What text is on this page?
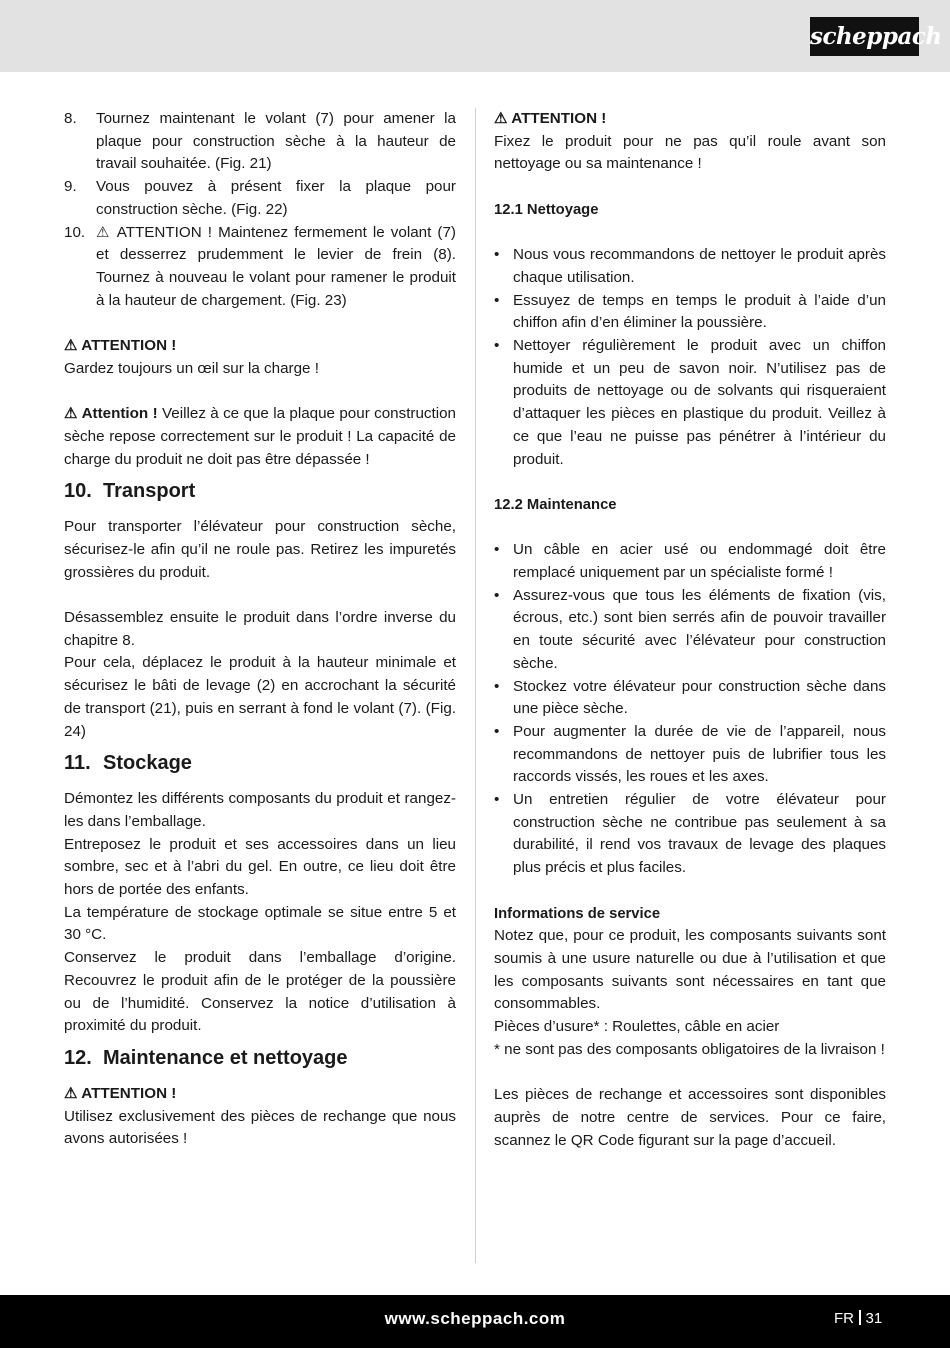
scheppach
8. Tournez maintenant le volant (7) pour amener la plaque pour construction sèche à la hauteur de travail souhaitée. (Fig. 21)
9. Vous pouvez à présent fixer la plaque pour construction sèche. (Fig. 22)
10. ⚠ ATTENTION ! Maintenez fermement le volant (7) et desserrez prudemment le levier de frein (8). Tournez à nouveau le volant pour ramener le produit à la hauteur de chargement. (Fig. 23)

⚠ ATTENTION !

Gardez toujours un œil sur la charge !

⚠ Attention ! Veillez à ce que la plaque pour construction sèche repose correctement sur le produit ! La capacité de charge du produit ne doit pas être dépassée !

10. Transport

Pour transporter l’élévateur pour construction sèche, sécurisez-le afin qu’il ne roule pas. Retirez les impuretés grossières du produit.

Désassemblez ensuite le produit dans l’ordre inverse du chapitre 8.

Pour cela, déplacez le produit à la hauteur minimale et sécurisez le bâti de levage (2) en accrochant la sécurité de transport (21), puis en serrant à fond le volant (7). (Fig. 24)

11. Stockage

Démontez les différents composants du produit et rangez-les dans l’emballage.

Entreposez le produit et ses accessoires dans un lieu sombre, sec et à l’abri du gel. En outre, ce lieu doit être hors de portée des enfants.

La température de stockage optimale se situe entre 5 et 30 °C.

Conservez le produit dans l’emballage d’origine. Recouvrez le produit afin de le protéger de la poussière ou de l’humidité. Conservez la notice d’utilisation à proximité du produit.

12. Maintenance et nettoyage

⚠ ATTENTION !

Utilisez exclusivement des pièces de rechange que nous avons autorisées !

⚠ ATTENTION !

Fixez le produit pour ne pas qu’il roule avant son nettoyage ou sa maintenance !

12.1 Nettoyage

• Nous vous recommandons de nettoyer le produit après chaque utilisation.
• Essuyez de temps en temps le produit à l’aide d’un chiffon afin d’en éliminer la poussière.
• Nettoyer régulièrement le produit avec un chiffon humide et un peu de savon noir. N’utilisez pas de produits de nettoyage ou de solvants qui risqueraient d’attaquer les pièces en plastique du produit. Veillez à ce que l’eau ne puisse pas pénétrer à l’intérieur du produit.

12.2 Maintenance

• Un câble en acier usé ou endommagé doit être remplacé uniquement par un spécialiste formé !
• Assurez-vous que tous les éléments de fixation (vis, écrous, etc.) sont bien serrés afin de pouvoir travailler en toute sécurité avec l’élévateur pour construction sèche.
• Stockez votre élévateur pour construction sèche dans une pièce sèche.
• Pour augmenter la durée de vie de l’appareil, nous recommandons de nettoyer puis de lubrifier tous les raccords vissés, les roues et les axes.
• Un entretien régulier de votre élévateur pour construction sèche ne contribue pas seulement à sa durabilité, il rend vos travaux de levage des plaques plus précis et plus faciles.

Informations de service

Notez que, pour ce produit, les composants suivants sont soumis à une usure naturelle ou due à l’utilisation et que les composants suivants sont nécessaires en tant que consommables.

Pièces d’usure* : Roulettes, câble en acier

* ne sont pas des composants obligatoires de la livraison !

Les pièces de rechange et accessoires sont disponibles auprès de notre centre de services. Pour ce faire, scannez le QR Code figurant sur la page d’accueil.

www.scheppach.com	FR 31
